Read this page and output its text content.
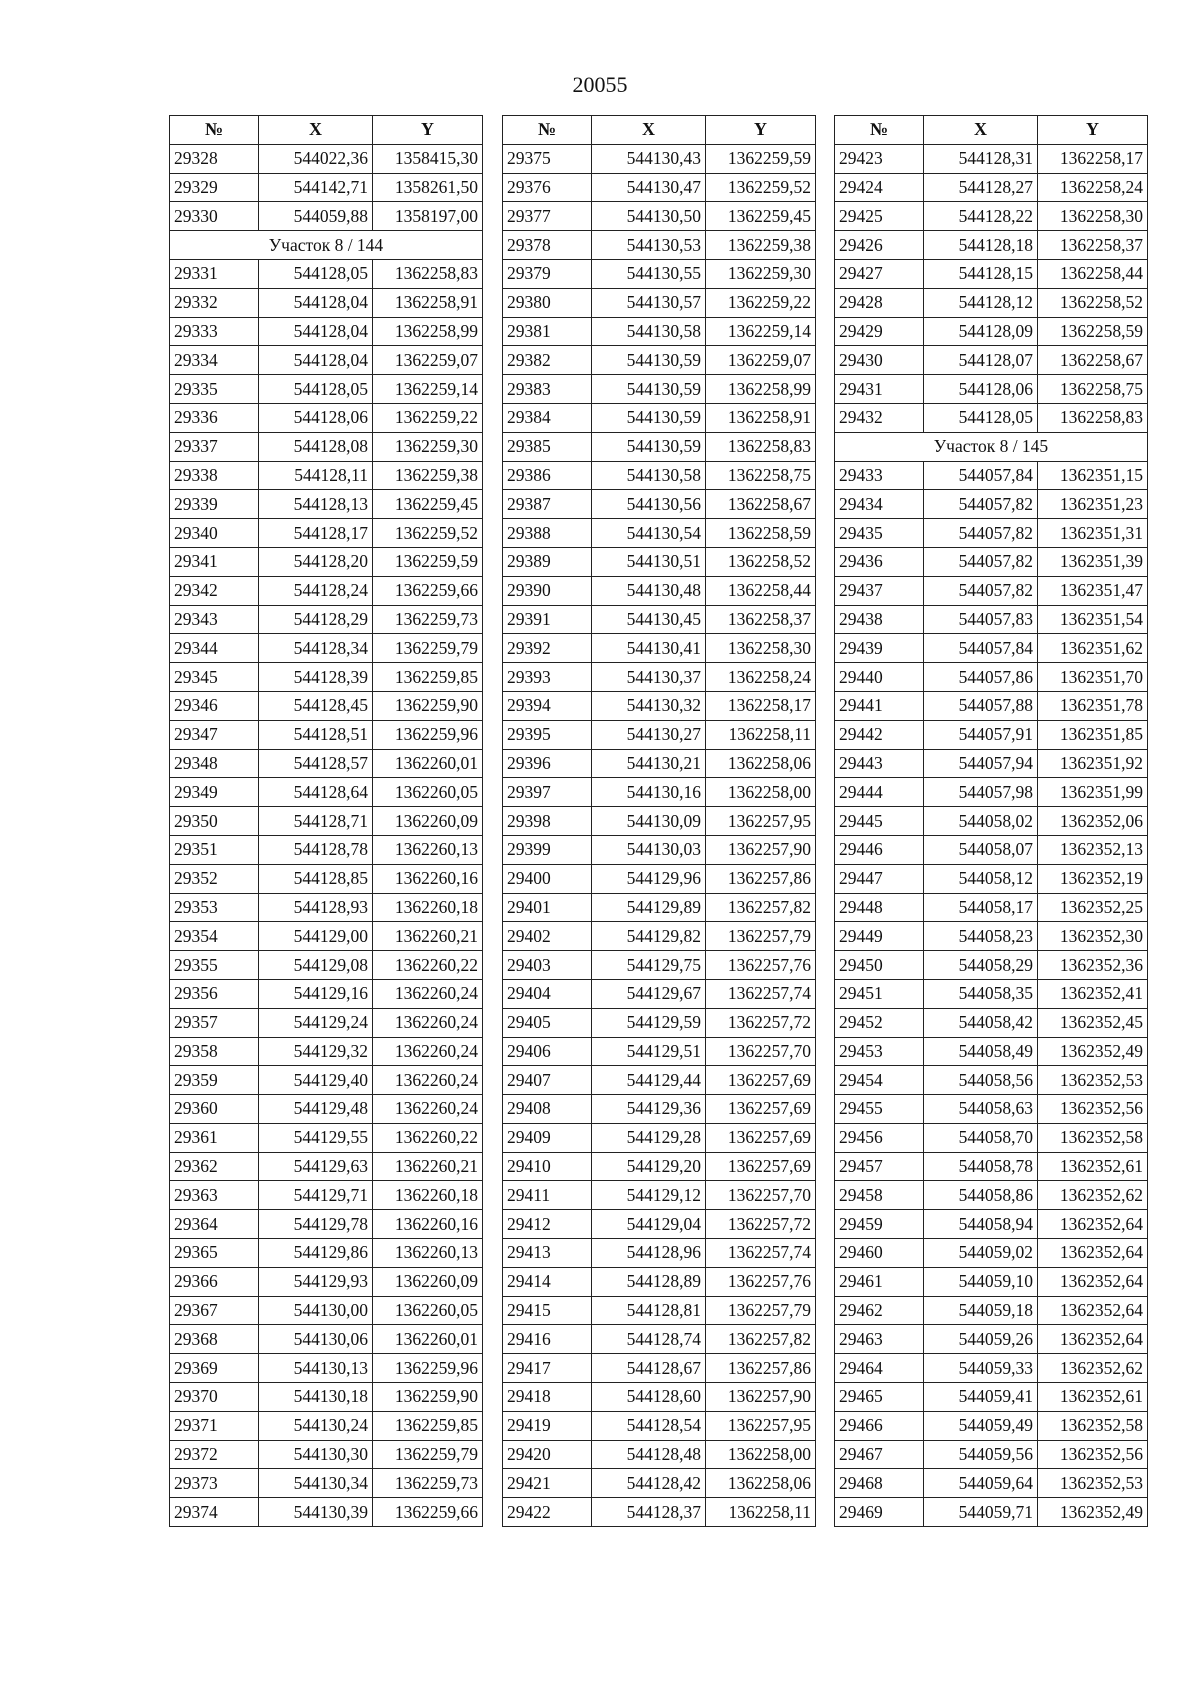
20055
№	X	Y
29328	544022,36	1358415,30
29329	544142,71	1358261,50
29330	544059,88	1358197,00
Участок 8 / 144		
29331	544128,05	1362258,83
29332	544128,04	1362258,91
29333	544128,04	1362258,99
29334	544128,04	1362259,07
29335	544128,05	1362259,14
29336	544128,06	1362259,22
29337	544128,08	1362259,30
29338	544128,11	1362259,38
29339	544128,13	1362259,45
29340	544128,17	1362259,52
29341	544128,20	1362259,59
29342	544128,24	1362259,66
29343	544128,29	1362259,73
29344	544128,34	1362259,79
29345	544128,39	1362259,85
29346	544128,45	1362259,90
29347	544128,51	1362259,96
29348	544128,57	1362260,01
29349	544128,64	1362260,05
29350	544128,71	1362260,09
29351	544128,78	1362260,13
29352	544128,85	1362260,16
29353	544128,93	1362260,18
29354	544129,00	1362260,21
29355	544129,08	1362260,22
29356	544129,16	1362260,24
29357	544129,24	1362260,24
29358	544129,32	1362260,24
29359	544129,40	1362260,24
29360	544129,48	1362260,24
29361	544129,55	1362260,22
29362	544129,63	1362260,21
29363	544129,71	1362260,18
29364	544129,78	1362260,16
29365	544129,86	1362260,13
29366	544129,93	1362260,09
29367	544130,00	1362260,05
29368	544130,06	1362260,01
29369	544130,13	1362259,96
29370	544130,18	1362259,90
29371	544130,24	1362259,85
29372	544130,30	1362259,79
29373	544130,34	1362259,73
29374	544130,39	1362259,66
№	X	Y
29375	544130,43	1362259,59
29376	544130,47	1362259,52
29377	544130,50	1362259,45
29378	544130,53	1362259,38
29379	544130,55	1362259,30
29380	544130,57	1362259,22
29381	544130,58	1362259,14
29382	544130,59	1362259,07
29383	544130,59	1362258,99
29384	544130,59	1362258,91
29385	544130,59	1362258,83
29386	544130,58	1362258,75
29387	544130,56	1362258,67
29388	544130,54	1362258,59
29389	544130,51	1362258,52
29390	544130,48	1362258,44
29391	544130,45	1362258,37
29392	544130,41	1362258,30
29393	544130,37	1362258,24
29394	544130,32	1362258,17
29395	544130,27	1362258,11
29396	544130,21	1362258,06
29397	544130,16	1362258,00
29398	544130,09	1362257,95
29399	544130,03	1362257,90
29400	544129,96	1362257,86
29401	544129,89	1362257,82
29402	544129,82	1362257,79
29403	544129,75	1362257,76
29404	544129,67	1362257,74
29405	544129,59	1362257,72
29406	544129,51	1362257,70
29407	544129,44	1362257,69
29408	544129,36	1362257,69
29409	544129,28	1362257,69
29410	544129,20	1362257,69
29411	544129,12	1362257,70
29412	544129,04	1362257,72
29413	544128,96	1362257,74
29414	544128,89	1362257,76
29415	544128,81	1362257,79
29416	544128,74	1362257,82
29417	544128,67	1362257,86
29418	544128,60	1362257,90
29419	544128,54	1362257,95
29420	544128,48	1362258,00
29421	544128,42	1362258,06
29422	544128,37	1362258,11
№	X	Y
29423	544128,31	1362258,17
29424	544128,27	1362258,24
29425	544128,22	1362258,30
29426	544128,18	1362258,37
29427	544128,15	1362258,44
29428	544128,12	1362258,52
29429	544128,09	1362258,59
29430	544128,07	1362258,67
29431	544128,06	1362258,75
29432	544128,05	1362258,83
Участок 8 / 145		
29433	544057,84	1362351,15
29434	544057,82	1362351,23
29435	544057,82	1362351,31
29436	544057,82	1362351,39
29437	544057,82	1362351,47
29438	544057,83	1362351,54
29439	544057,84	1362351,62
29440	544057,86	1362351,70
29441	544057,88	1362351,78
29442	544057,91	1362351,85
29443	544057,94	1362351,92
29444	544057,98	1362351,99
29445	544058,02	1362352,06
29446	544058,07	1362352,13
29447	544058,12	1362352,19
29448	544058,17	1362352,25
29449	544058,23	1362352,30
29450	544058,29	1362352,36
29451	544058,35	1362352,41
29452	544058,42	1362352,45
29453	544058,49	1362352,49
29454	544058,56	1362352,53
29455	544058,63	1362352,56
29456	544058,70	1362352,58
29457	544058,78	1362352,61
29458	544058,86	1362352,62
29459	544058,94	1362352,64
29460	544059,02	1362352,64
29461	544059,10	1362352,64
29462	544059,18	1362352,64
29463	544059,26	1362352,64
29464	544059,33	1362352,62
29465	544059,41	1362352,61
29466	544059,49	1362352,58
29467	544059,56	1362352,56
29468	544059,64	1362352,53
29469	544059,71	1362352,49
